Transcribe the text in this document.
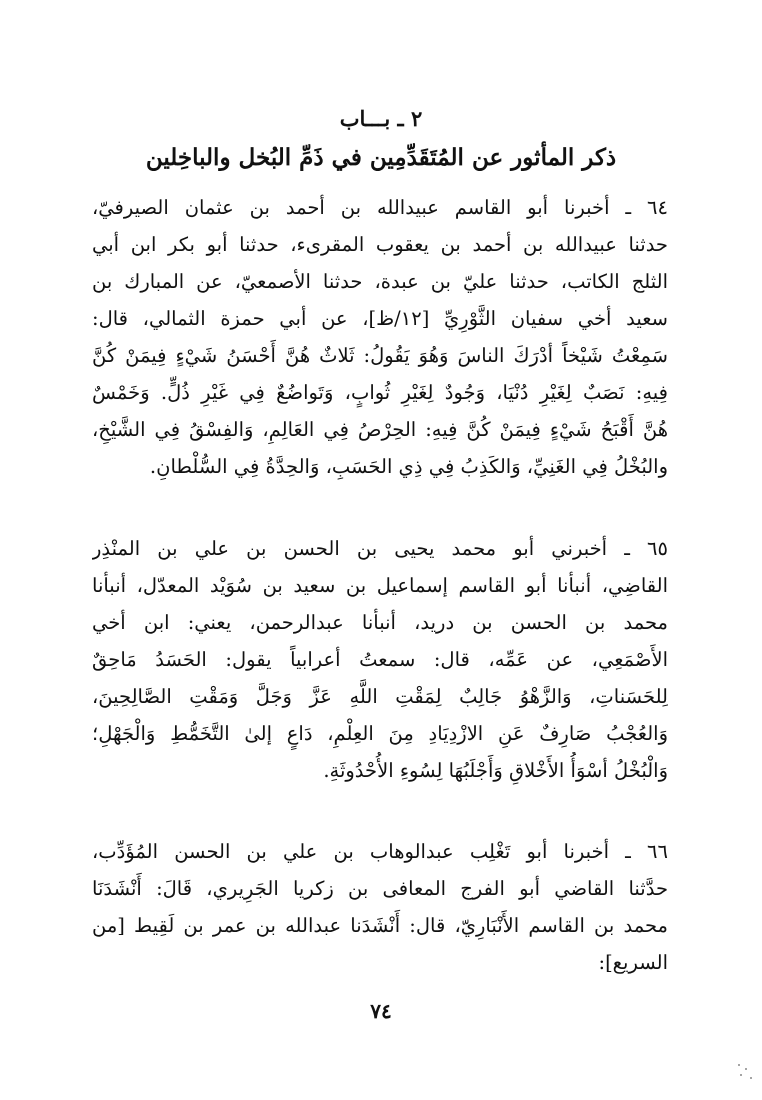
٢ ـ بـــاب
ذكر المأثور عن المُتَقَدِّمِين في ذَمِّ البُخل والباخِلين
٦٤ ـ أخبرنا أبو القاسم عبيدالله بن أحمد بن عثمان الصيرفيّ،
حدثنا عبيدالله بن أحمد بن يعقوب المقرىء، حدثنا أبو بكر ابن أبي
الثلج الكاتب، حدثنا عليّ بن عبدة، حدثنا الأصمعيّ، عن المبارك بن
سعيد أخي سفيان الثَّوْرِيِّ [١٢/ظ]، عن أبي حمزة الثمالي، قال:
سَمِعْتُ شَيْخاً أدْرَكَ الناسَ وَهُوَ يَقُولُ: ثَلاثٌ هُنَّ أَحْسَنُ شَيْءٍ فِيمَنْ كُنَّ
فِيهِ: نَصَبٌ لِغَيْرِ دُنْيَا، وَجُودٌ لِغَيْرِ ثُوابٍ، وَتَواضُعٌ فِي غَيْرِ ذُلٍّ. وَخَمْسٌ
هُنَّ أَقْبَحُ شَيْءٍ فِيمَنْ كُنَّ فِيهِ: الحِرْصُ فِي العَالِمِ، وَالفِسْقُ فِي الشَّيْخِ،
والبُخْلُ فِي الغَنِيِّ، وَالكَذِبُ فِي ذِي الحَسَبِ، وَالحِدَّةُ فِي السُّلْطانِ.
٦٥ ـ أخبرني أبو محمد يحيى بن الحسن بن علي بن المنْذِر
القاضِي، أنبأنا أبو القاسم إسماعيل بن سعيد بن سُوَيْد المعدّل، أنبأنا
محمد بن الحسن بن دريد، أنبأنا عبدالرحمن، يعني: ابن أخي
الأَصْمَعِي، عن عَمِّه، قال: سمعتُ أعرابياً يقول: الحَسَدُ مَاحِقٌ
لِلحَسَناتِ، وَالزَّهْوُ جَالِبٌ لِمَقْتِ اللَّهِ عَزَّ وَجَلَّ وَمَقْتِ الصَّالِحِينَ،
وَالعُجْبُ صَارِفٌ عَنِ الازْدِيَادِ مِنَ العِلْمِ، دَاعٍ إلىٰ التَّخَمُّطِ وَالْجَهْلِ؛
وَالْبُخْلُ أسْوَأُ الأَخْلاقِ وَأَجْلَبُهَا لِسُوءِ الأُحْدُوثَةِ.
٦٦ ـ أخبرنا أبو تَغْلِب عبدالوهاب بن علي بن الحسن المُؤَدِّب،
حدَّثنا القاضي أبو الفرج المعافى بن زكريا الجَرِيري، قَالَ: أَنْشَدَنَا
محمد بن القاسم الأَنْبَارِيّ، قال: أَنْشَدَنا عبدالله بن عمر بن لَقِيط [من
السريع]:
٧٤
